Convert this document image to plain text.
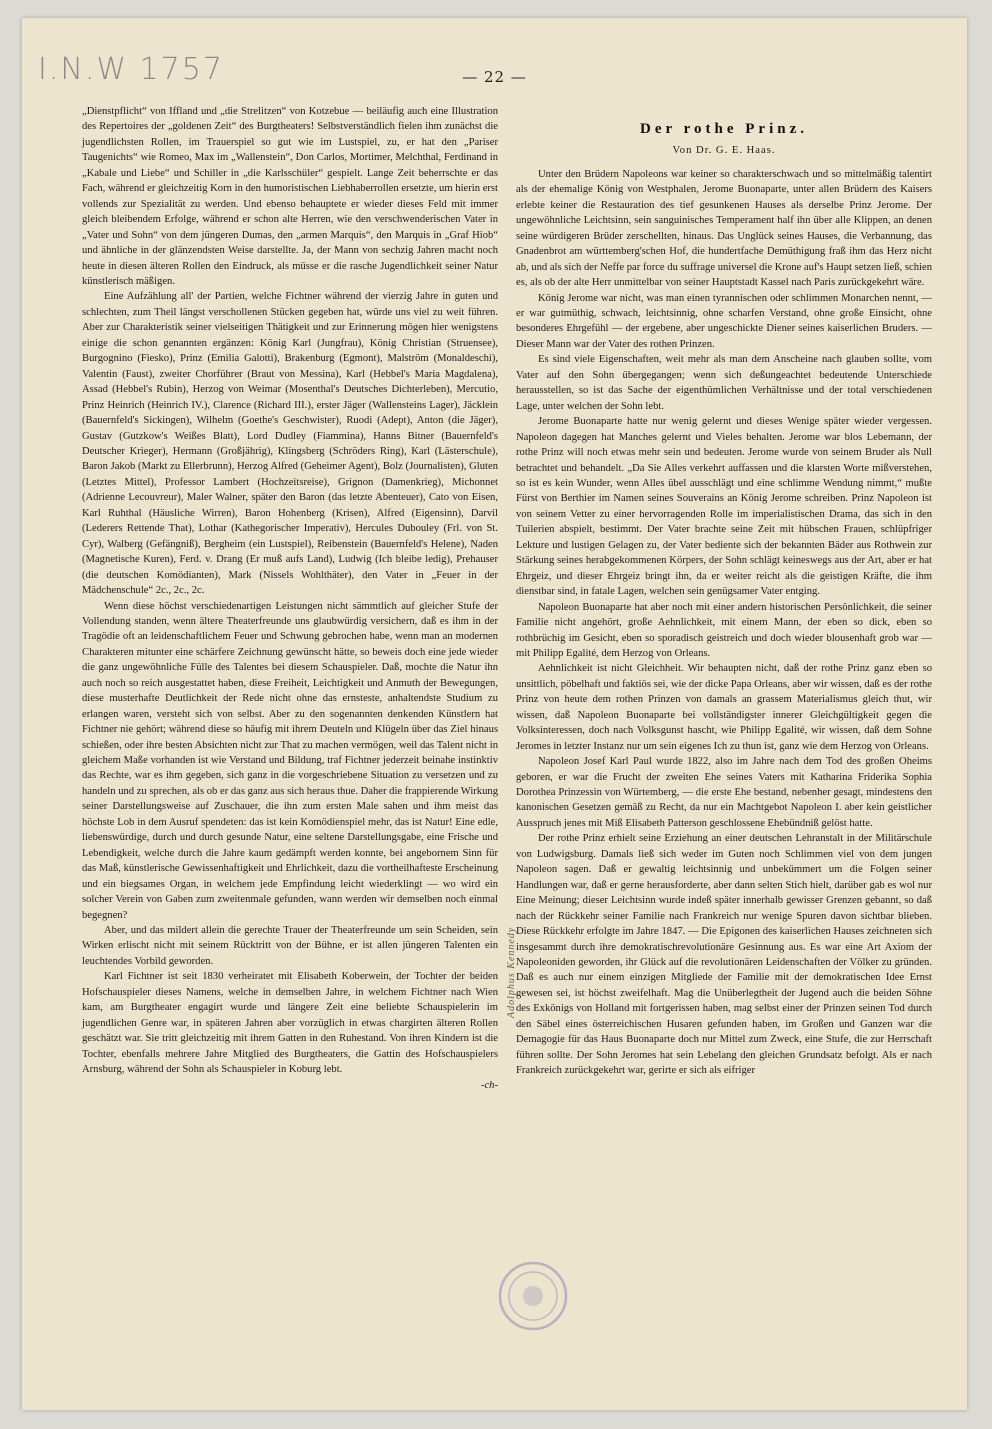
I.N.W 1757	— 22 —

„Dienstpflicht“ von Iffland und „die Strelitzen“ von Kotzebue — beiläufig auch eine Illustration des Repertoires der „goldenen Zeit“ des Burgtheaters! Selbstverständlich fielen ihm zunächst die jugendlichsten Rollen, im Trauerspiel so gut wie im Lustspiel, zu, er hat den „Pariser Taugenichts“ wie Romeo, Max im „Wallenstein“, Don Carlos, Mortimer, Melchthal, Ferdinand in „Kabale und Liebe“ und Schiller in „die Karlsschüler“ gespielt. Lange Zeit beherrschte er das Fach, während er gleichzeitig Korn in den humoristischen Liebhaberrollen ersetzte, um hierin erst vollends zur Spezialität zu werden. Und ebenso behauptete er wieder dieses Feld mit immer gleich bleibendem Erfolge, während er schon alte Herren, wie den verschwenderischen Vater in „Vater und Sohn“ von dem jüngeren Dumas, den „armen Marquis“, den Marquis in „Graf Hiob“ und ähnliche in der glänzendsten Weise darstellte. Ja, der Mann von sechzig Jahren macht noch heute in diesen älteren Rollen den Eindruck, als müsse er die rasche Jugendlichkeit seiner Natur künstlerisch mäßigen.

Eine Aufzählung all' der Partien, welche Fichtner während der vierzig Jahre in guten und schlechten, zum Theil längst verschollenen Stücken gegeben hat, würde uns viel zu weit führen. Aber zur Charakteristik seiner vielseitigen Thätigkeit und zur Erinnerung mögen hier wenigstens einige die schon genannten ergänzen: König Karl (Jungfrau), König Christian (Struensee), Burgognino (Fiesko), Prinz (Emilia Galotti), Brakenburg (Egmont), Malström (Monaldeschi), Valentin (Faust), zweiter Chorführer (Braut von Messina), Karl (Hebbel's Maria Magdalena), Assad (Hebbel's Rubin), Herzog von Weimar (Mosenthal's Deutsches Dichterleben), Mercutio, Prinz Heinrich (Heinrich IV.), Clarence (Richard III.), erster Jäger (Wallensteins Lager), Jäcklein (Bauernfeld's Sickingen), Wilhelm (Goethe's Geschwister), Ruodi (Adept), Anton (die Jäger), Gustav (Gutzkow's Weißes Blatt), Lord Dudley (Fiammina), Hanns Bitner (Bauernfeld's Deutscher Krieger), Hermann (Großjährig), Klingsberg (Schröders Ring), Karl (Lästerschule), Baron Jakob (Markt zu Ellerbrunn), Herzog Alfred (Geheimer Agent), Bolz (Journalisten), Gluten (Letztes Mittel), Professor Lambert (Hochzeitsreise), Grignon (Damenkrieg), Michonnet (Adrienne Lecouvreur), Maler Walner, später den Baron (das letzte Abenteuer), Cato von Eisen, Karl Ruhthal (Häusliche Wirren), Baron Hohenberg (Krisen), Alfred (Eigensinn), Darvil (Lederers Rettende That), Lothar (Kathegorischer Imperativ), Hercules Dubouley (Frl. von St. Cyr), Walberg (Gefängniß), Bergheim (ein Lustspiel), Reibenstein (Bauernfeld's Helene), Naden (Magnetische Kuren), Ferd. v. Drang (Er muß aufs Land), Ludwig (Ich bleibe ledig), Prehauser (die deutschen Komödianten), Mark (Nissels Wohlthäter), den Vater in „Feuer in der Mädchenschule“ 2c., 2c., 2c.

Wenn diese höchst verschiedenartigen Leistungen nicht sämmtlich auf gleicher Stufe der Vollendung standen, wenn ältere Theaterfreunde uns glaubwürdig versichern, daß es ihm in der Tragödie oft an leidenschaftlichem Feuer und Schwung gebrochen habe, wenn man an modernen Charakteren mitunter eine schärfere Zeichnung gewünscht hätte, so beweis doch eine jede wieder die ganz ungewöhnliche Fülle des Talentes bei diesem Schauspieler. Daß, mochte die Natur ihn auch noch so reich ausgestattet haben, diese Freiheit, Leichtigkeit und Anmuth der Bewegungen, diese musterhafte Deutlichkeit der Rede nicht ohne das ernsteste, anhaltendste Studium zu erlangen waren, versteht sich von selbst. Aber zu den sogenannten denkenden Künstlern hat Fichtner nie gehört; während diese so häufig mit ihrem Deuteln und Klügeln über das Ziel hinaus schießen, oder ihre besten Absichten nicht zur That zu machen vermögen, weil das Talent nicht in gleichem Maße vorhanden ist wie Verstand und Bildung, traf Fichtner jederzeit beinahe instinktiv das Rechte, war es ihm gegeben, sich ganz in die vorgeschriebene Situation zu versetzen und zu handeln und zu sprechen, als ob er das ganz aus sich heraus thue. Daher die frappierende Wirkung seiner Darstellungsweise auf Zuschauer, die ihn zum ersten Male sahen und ihm meist das höchste Lob in dem Ausruf spendeten: das ist kein Komödienspiel mehr, das ist Natur! Eine edle, liebenswürdige, durch und durch gesunde Natur, eine seltene Darstellungsgabe, eine Frische und Lebendigkeit, welche durch die Jahre kaum gedämpft werden konnte, bei angebornem Sinn für das Maß, künstlerische Gewissenhaftigkeit und Ehrlichkeit, dazu die vortheilhafteste Erscheinung und ein biegsames Organ, in welchem jede Empfindung leicht wiederklingt — wo wird ein solcher Verein von Gaben zum zweitenmale gefunden, wann werden wir demselben noch einmal begegnen?

Aber, und das mildert allein die gerechte Trauer der Theaterfreunde um sein Scheiden, sein Wirken erlischt nicht mit seinem Rücktritt von der Bühne, er ist allen jüngeren Talenten ein leuchtendes Vorbild geworden.

Karl Fichtner ist seit 1830 verheiratet mit Elisabeth Koberwein, der Tochter der beiden Hofschauspieler dieses Namens, welche in demselben Jahre, in welchem Fichtner nach Wien kam, am Burgtheater engagirt wurde und längere Zeit eine beliebte Schauspielerin im jugendlichen Genre war, in späteren Jahren aber vorzüglich in etwas chargirten älteren Rollen geschätzt war. Sie tritt gleichzeitig mit ihrem Gatten in den Ruhestand. Von ihren Kindern ist die Tochter, ebenfalls mehrere Jahre Mitglied des Burgtheaters, die Gattin des Hofschauspielers Arnsburg, während der Sohn als Schauspieler in Koburg lebt.

-ch-
Der rothe Prinz.
Von Dr. G. E. Haas.

Unter den Brüdern Napoleons war keiner so charakterschwach und so mittelmäßig talentirt als der ehemalige König von Westphalen, Jerome Buonaparte, unter allen Brüdern des Kaisers erlebte keiner die Restauration des tief gesunkenen Hauses als derselbe Prinz Jerome. Der ungewöhnliche Leichtsinn, sein sanguinisches Temperament half ihn über alle Klippen, an denen seine würdigeren Brüder zerschellten, hinaus. Das Unglück seines Hauses, die Verbannung, das Gnadenbrot am württemberg'schen Hof, die hundertfache Demüthigung fraß ihm das Herz nicht ab, und als sich der Neffe par force du suffrage universel die Krone auf's Haupt setzen ließ, schien es, als ob der alte Herr unmittelbar von seiner Hauptstadt Kassel nach Paris zurückgekehrt wäre.

König Jerome war nicht, was man einen tyrannischen oder schlimmen Monarchen nennt, — er war gutmüthig, schwach, leichtsinnig, ohne scharfen Verstand, ohne große Einsicht, ohne besonderes Ehrgefühl — der ergebene, aber ungeschickte Diener seines kaiserlichen Bruders. — Dieser Mann war der Vater des rothen Prinzen.

Es sind viele Eigenschaften, weit mehr als man dem Anscheine nach glauben sollte, vom Vater auf den Sohn übergegangen; wenn sich deßungeachtet bedeutende Unterschiede herausstellen, so ist das Sache der eigenthümlichen Verhältnisse und der total verschiedenen Lage, unter welchen der Sohn lebt.

Jerome Buonaparte hatte nur wenig gelernt und dieses Wenige später wieder vergessen. Napoleon dagegen hat Manches gelernt und Vieles behalten. Jerome war blos Lebemann, der rothe Prinz will noch etwas mehr sein und bedeuten. Jerome wurde von seinem Bruder als Null betrachtet und behandelt. „Da Sie Alles verkehrt auffassen und die klarsten Worte mißverstehen, so ist es kein Wunder, wenn Alles übel ausschlägt und eine schlimme Wendung nimmt,“ mußte Fürst von Berthier im Namen seines Souverains an König Jerome schreiben. Prinz Napoleon ist von seinem Vetter zu einer hervorragenden Rolle im imperialistischen Drama, das sich in den Tuilerien abspielt, bestimmt. Der Vater brachte seine Zeit mit hübschen Frauen, schlüpfriger Lekture und lustigen Gelagen zu, der Vater bediente sich der bekannten Bäder aus Rothwein zur Stärkung seines herabgekommenen Körpers, der Sohn schlägt keineswegs aus der Art, aber er hat Ehrgeiz, und dieser Ehrgeiz bringt ihn, da er weiter reicht als die geistigen Kräfte, die ihm dienstbar sind, in fatale Lagen, welchen sein genügsamer Vater entging.

Napoleon Buonaparte hat aber noch mit einer andern historischen Persönlichkeit, die seiner Familie nicht angehört, große Aehnlichkeit, mit einem Mann, der eben so dick, eben so rothbrüchig im Gesicht, eben so sporadisch geistreich und doch wieder blousenhaft grob war — mit Philipp Egalité, dem Herzog von Orleans.

Aehnlichkeit ist nicht Gleichheit. Wir behaupten nicht, daß der rothe Prinz ganz eben so unsittlich, pöbelhaft und faktiös sei, wie der dicke Papa Orleans, aber wir wissen, daß es der rothe Prinz von heute dem rothen Prinzen von damals an grassem Materialismus gleich thut, wir wissen, daß Napoleon Buonaparte bei vollständigster innerer Gleichgültigkeit gegen die Volksinteressen, doch nach Volksgunst hascht, wie Philipp Egalité, wir wissen, daß dem Sohne Jeromes in letzter Instanz nur um sein eigenes Ich zu thun ist, ganz wie dem Herzog von Orleans.

Napoleon Josef Karl Paul wurde 1822, also im Jahre nach dem Tod des großen Oheims geboren, er war die Frucht der zweiten Ehe seines Vaters mit Katharina Friderika Sophia Dorothea Prinzessin von Würtemberg, — die erste Ehe bestand, nebenher gesagt, mindestens den kanonischen Gesetzen gemäß zu Recht, da nur ein Machtgebot Napoleon I. aber kein geistlicher Ausspruch jenes mit Miß Elisabeth Patterson geschlossene Ehebündniß gelöst hatte.

Der rothe Prinz erhielt seine Erziehung an einer deutschen Lehranstalt in der Militärschule von Ludwigsburg. Damals ließ sich weder im Guten noch Schlimmen viel von dem jungen Napoleon sagen. Daß er gewaltig leichtsinnig und unbekümmert um die Folgen seiner Handlungen war, daß er gerne herausforderte, aber dann selten Stich hielt, darüber gab es wol nur Eine Meinung; dieser Leichtsinn wurde indeß später innerhalb gewisser Grenzen gebannt, so daß nach der Rückkehr seiner Familie nach Frankreich nur wenige Spuren davon sichtbar blieben. Diese Rückkehr erfolgte im Jahre 1847. — Die Epigonen des kaiserlichen Hauses zeichneten sich insgesammt durch ihre demokratischrevolutionäre Gesinnung aus. Es war eine Art Axiom der Napoleoniden geworden, ihr Glück auf die revolutionären Leidenschaften der Völker zu gründen. Daß es auch nur einem einzigen Mitgliede der Familie mit der demokratischen Idee Ernst gewesen sei, ist höchst zweifelhaft. Mag die Unüberlegtheit der Jugend auch die beiden Söhne des Exkönigs von Holland mit fortgerissen haben, mag selbst einer der Prinzen seinen Tod durch den Säbel eines österreichischen Husaren gefunden haben, im Großen und Ganzen war die Demagogie für das Haus Buonaparte doch nur Mittel zum Zweck, eine Stufe, die zur Herrschaft führen sollte. Der Sohn Jeromes hat sein Lebelang den gleichen Grundsatz befolgt. Als er nach Frankreich zurückgekehrt war, gerirte er sich als eifriger

Adolphus Kennedy
